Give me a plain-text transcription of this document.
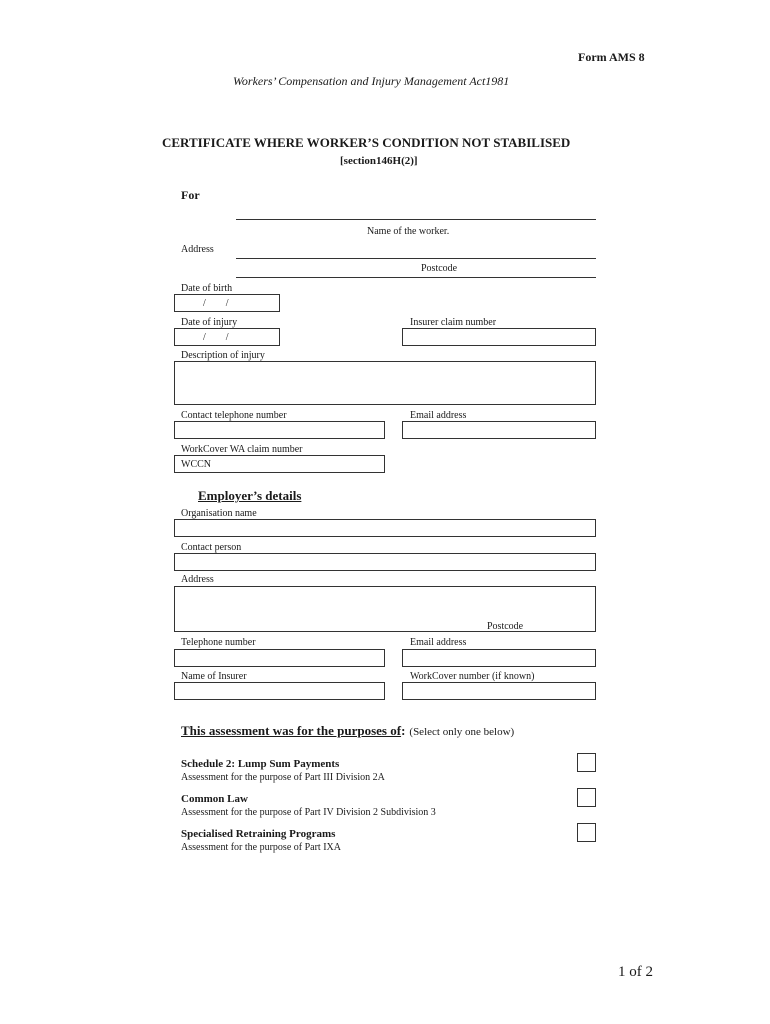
Form AMS 8
Workers’ Compensation and Injury Management Act1981
CERTIFICATE WHERE WORKER’S CONDITION NOT STABILISED
[section146H(2)]
For
Name of the worker.
Address
Postcode
Date of birth
/        /
Date of injury	Insurer claim number
/        /
Description of injury
Contact telephone number	Email address
WorkCover WA claim number
WCCN
Employer’s details
Organisation name
Contact person
Address
Postcode
Telephone number	Email address
Name of Insurer	WorkCover number (if known)
This assessment was for the purposes of: (Select only one below)
Schedule 2: Lump Sum Payments
Assessment for the purpose of Part III Division 2A
Common Law
Assessment for the purpose of Part IV Division 2 Subdivision 3
Specialised Retraining Programs
Assessment for the purpose of Part IXA
1 of 2
